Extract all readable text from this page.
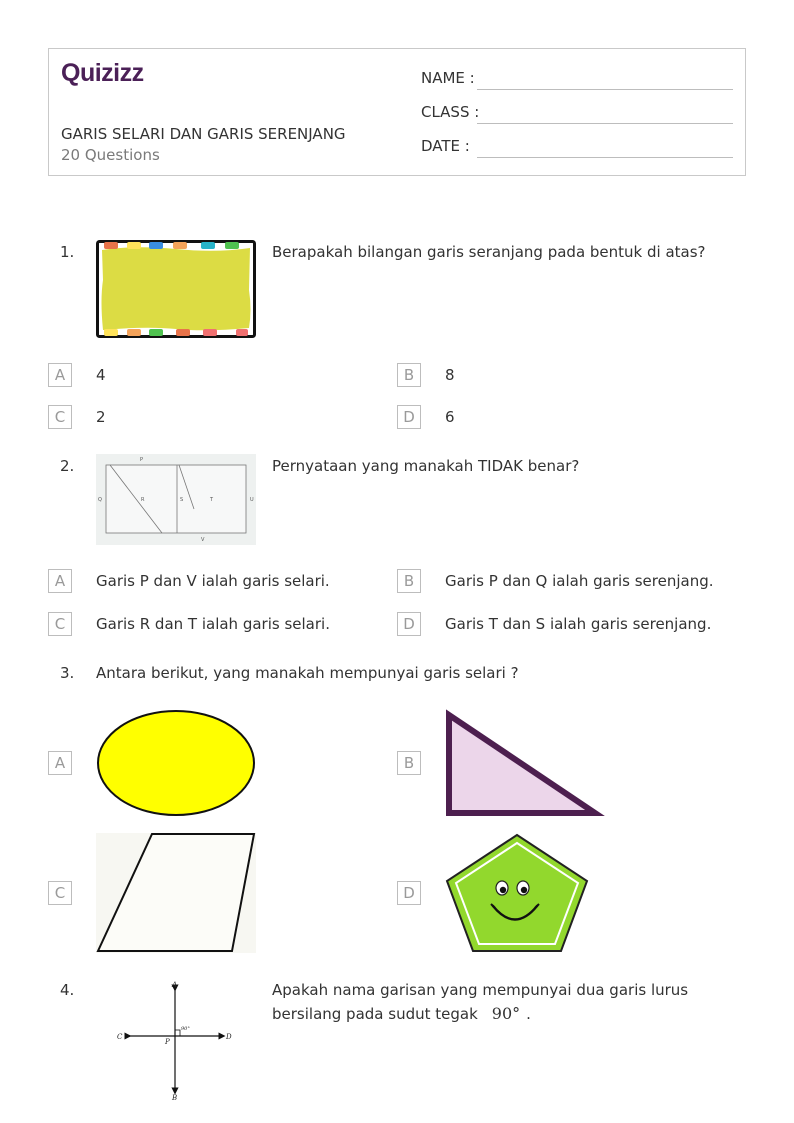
Quizizz
GARIS SELARI DAN GARIS SERENJANG
20 Questions
NAME :
CLASS :
DATE :
1.	Berapakah bilangan garis seranjang pada bentuk di atas?
A	4	B	8
C	2	D	6
2.	P
Q	R	S	T	U
V
Pernyataan yang manakah TIDAK benar?
A	Garis P dan V ialah garis selari.	B	Garis P dan Q ialah garis serenjang.
C	Garis R dan T ialah garis selari.	D	Garis T dan S ialah garis serenjang.
3. Antara berikut, yang manakah mempunyai garis selari ?
A	B
C	D
4.	A
B
C	D
P
90°
Apakah nama garisan yang mempunyai dua garis lurus
bersilang pada sudut tegak 90° .
